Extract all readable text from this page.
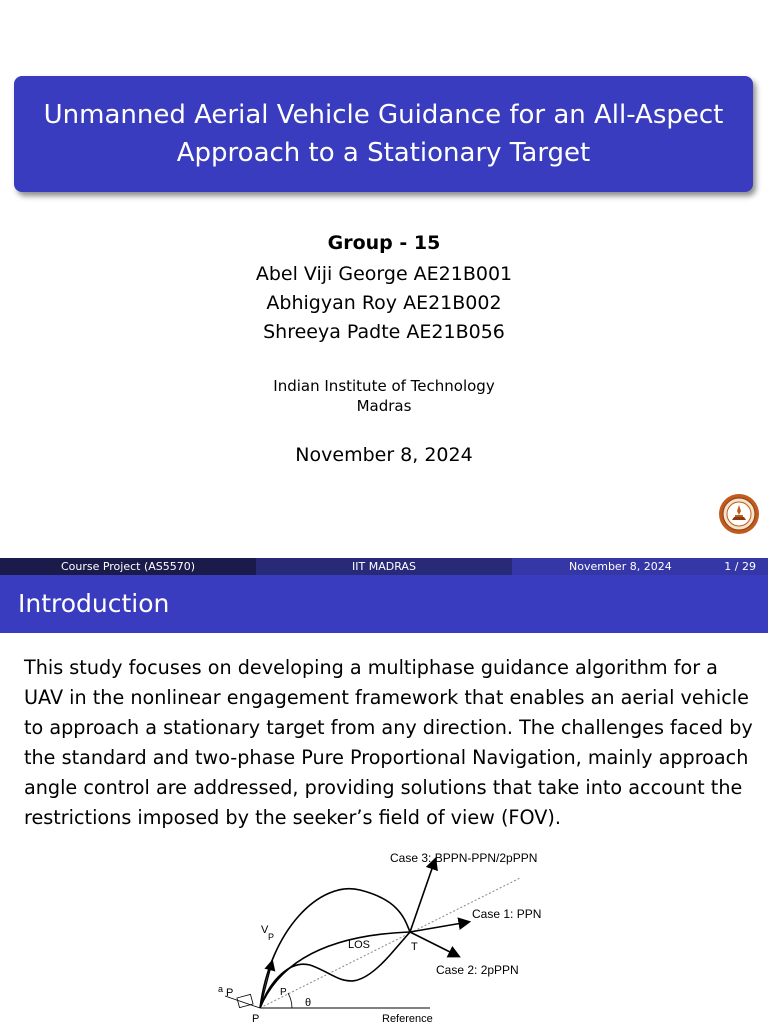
Unmanned Aerial Vehicle Guidance for an All-Aspect
Approach to a Stationary Target
Group - 15
Abel Viji George AE21B001
Abhigyan Roy AE21B002
Shreeya Padte AE21B056
Indian Institute of Technology
Madras
November 8, 2024
Course Project (AS5570)	IIT MADRAS	November 8, 2024	1 / 29
Introduction
This study focuses on developing a multiphase guidance algorithm for a UAV in the nonlinear engagement framework that enables an aerial vehicle to approach a stationary target from any direction. The challenges faced by the standard and two-phase Pure Proportional Navigation, mainly approach angle control are addressed, providing solutions that take into account the restrictions imposed by the seeker’s field of view (FOV).
Case 3: BPPN-PPN/2pPPN
Case 1: PPN
Case 2: 2pPPN
LOS	T
V
P
a P	P
θ
P	Reference
